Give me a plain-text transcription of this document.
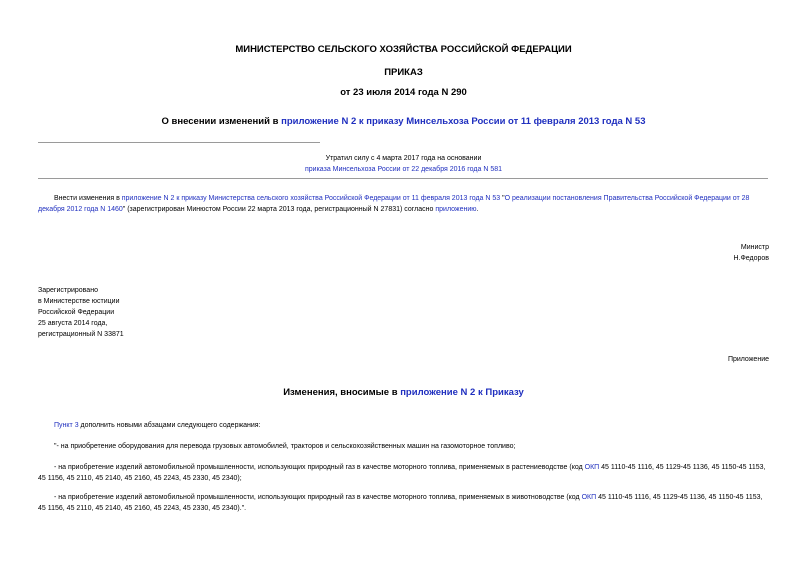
МИНИСТЕРСТВО СЕЛЬСКОГО ХОЗЯЙСТВА РОССИЙСКОЙ ФЕДЕРАЦИИ
ПРИКАЗ
от 23 июля 2014 года N 290
О внесении изменений в приложение N 2 к приказу Минсельхоза России от 11 февраля 2013 года N 53
Утратил силу с 4 марта 2017 года на основании
приказа Минсельхоза России от 22 декабря 2016 года N 581
Внести изменения в приложение N 2 к приказу Министерства сельского хозяйства Российской Федерации от 11 февраля 2013 года N 53 "О реализации постановления Правительства Российской Федерации от 28 декабря 2012 года N 1460" (зарегистрирован Минюстом России 22 марта 2013 года, регистрационный N 27831) согласно приложению.
Министр
Н.Федоров
Зарегистрировано
в Министерстве юстиции
Российской Федерации
25 августа 2014 года,
регистрационный N 33871
Приложение
Изменения, вносимые в приложение N 2 к Приказу
Пункт 3 дополнить новыми абзацами следующего содержания:
"- на приобретение оборудования для перевода грузовых автомобилей, тракторов и сельскохозяйственных машин на газомоторное топливо;
- на приобретение изделий автомобильной промышленности, использующих природный газ в качестве моторного топлива, применяемых в растениеводстве (код ОКП 45 1110-45 1116, 45 1129-45 1136, 45 1150-45 1153, 45 1156, 45 2110, 45 2140, 45 2160, 45 2243, 45 2330, 45 2340);
- на приобретение изделий автомобильной промышленности, использующих природный газ в качестве моторного топлива, применяемых в животноводстве (код ОКП 45 1110-45 1116, 45 1129-45 1136, 45 1150-45 1153, 45 1156, 45 2110, 45 2140, 45 2160, 45 2243, 45 2330, 45 2340).".
